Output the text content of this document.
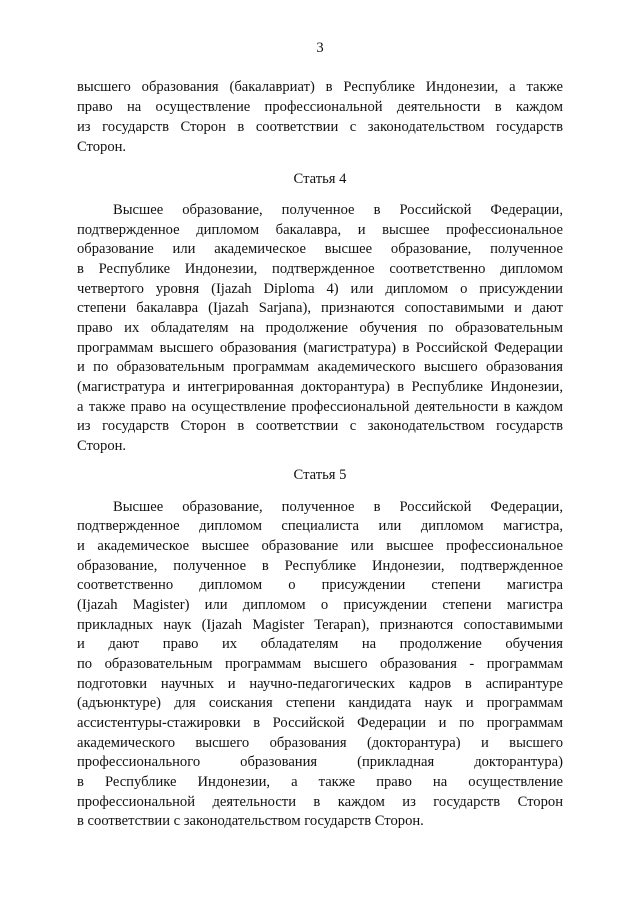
3
высшего образования (бакалавриат) в Республике Индонезии, а также
право на осуществление профессиональной деятельности в каждом
из государств Сторон в соответствии с законодательством государств
Сторон.
Статья 4
Высшее образование, полученное в Российской Федерации,
подтвержденное дипломом бакалавра, и высшее профессиональное
образование или академическое высшее образование, полученное
в Республике Индонезии, подтвержденное соответственно дипломом
четвертого уровня (Ijazah Diploma 4) или дипломом о присуждении
степени бакалавра (Ijazah Sarjana), признаются сопоставимыми и дают
право их обладателям на продолжение обучения по образовательным
программам высшего образования (магистратура) в Российской Федерации
и по образовательным программам академического высшего образования
(магистратура и интегрированная докторантура) в Республике Индонезии,
а также право на осуществление профессиональной деятельности в каждом
из государств Сторон в соответствии с законодательством государств
Сторон.
Статья 5
Высшее образование, полученное в Российской Федерации,
подтвержденное дипломом специалиста или дипломом магистра,
и академическое высшее образование или высшее профессиональное
образование, полученное в Республике Индонезии, подтвержденное
соответственно дипломом о присуждении степени магистра
(Ijazah Magister) или дипломом о присуждении степени магистра
прикладных наук (Ijazah Magister Terapan), признаются сопоставимыми
и дают право их обладателям на продолжение обучения
по образовательным программам высшего образования - программам
подготовки научных и научно-педагогических кадров в аспирантуре
(адъюнктуре) для соискания степени кандидата наук и программам
ассистентуры-стажировки в Российской Федерации и по программам
академического высшего образования (докторантура) и высшего
профессионального образования (прикладная докторантура)
в Республике Индонезии, а также право на осуществление
профессиональной деятельности в каждом из государств Сторон
в соответствии с законодательством государств Сторон.
